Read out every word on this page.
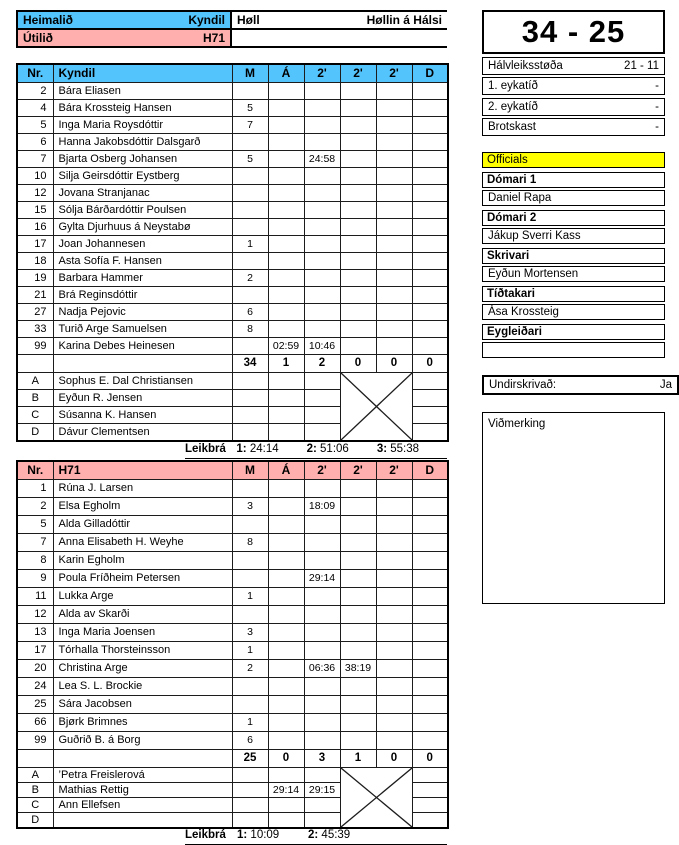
Heimalið	Kyndil Høll	Høllin á Hálsi
Útilið	H71
Nr.	Kyndil	M	Á	2'	2'	2'	D
2	Bára Eliasen						
4	Bára Krossteig Hansen	5					
5	Inga Maria Roysdóttir	7					
6	Hanna Jakobsdóttir Dalsgarð						
7	Bjarta Osberg Johansen	5		24:58			
10	Silja Geirsdóttir Eystberg						
12	Jovana Stranjanac						
15	Sólja Bárðardóttir Poulsen						
16	Gylta Djurhuus á Neystabø						
17	Joan Johannesen	1					
18	Asta Sofía F. Hansen						
19	Barbara Hammer	2					
21	Brá Reginsdóttir						
27	Nadja Pejovic	6					
33	Turið Arge Samuelsen	8					
99	Karina Debes Heinesen		02:59	10:46			
		34	1	2	0	0	0
A	Sophus E. Dal Christiansen				

B	Eyðun R. Jensen						
C	Súsanna K. Hansen						
D	Dávur Clementsen						
Leikbrá 1: 24:14	2: 51:06	3: 55:38
Nr.	H71	M	Á	2'	2'	2'	D
1	Rúna J. Larsen						
2	Elsa Egholm	3		18:09			
5	Alda Gilladóttir						
7	Anna Elisabeth H. Weyhe	8					
8	Karin Egholm						
9	Poula Fríðheim Petersen			29:14			
11	Lukka Arge	1					
12	Alda av Skarði						
13	Inga Maria Joensen	3					
17	Tórhalla Thorsteinsson	1					
20	Christina Arge	2		06:36	38:19		
24	Lea S. L. Brockie						
25	Sára Jacobsen						
66	Bjørk Brimnes	1					
99	Guðrið B. á Borg	6					
		25	0	3	1	0	0
A	’Petra Freislerová				

B	Mathias Rettig		29:14	29:15			
C	Ann Ellefsen						
D							
Leikbrá 1: 10:09	2: 45:39
34 - 25
Hálvleiksstøða	21 - 11
1. eykatíð	-
2. eykatíð	-
Brotskast	-
Officials
Dómari 1
Daniel Rapa
Dómari 2
Jákup Sverri Kass
Skrivari
Eyðun Mortensen
Tíðtakari
Ása Krossteig
Eygleiðari
Undirskrivað:	Ja
Viðmerking
